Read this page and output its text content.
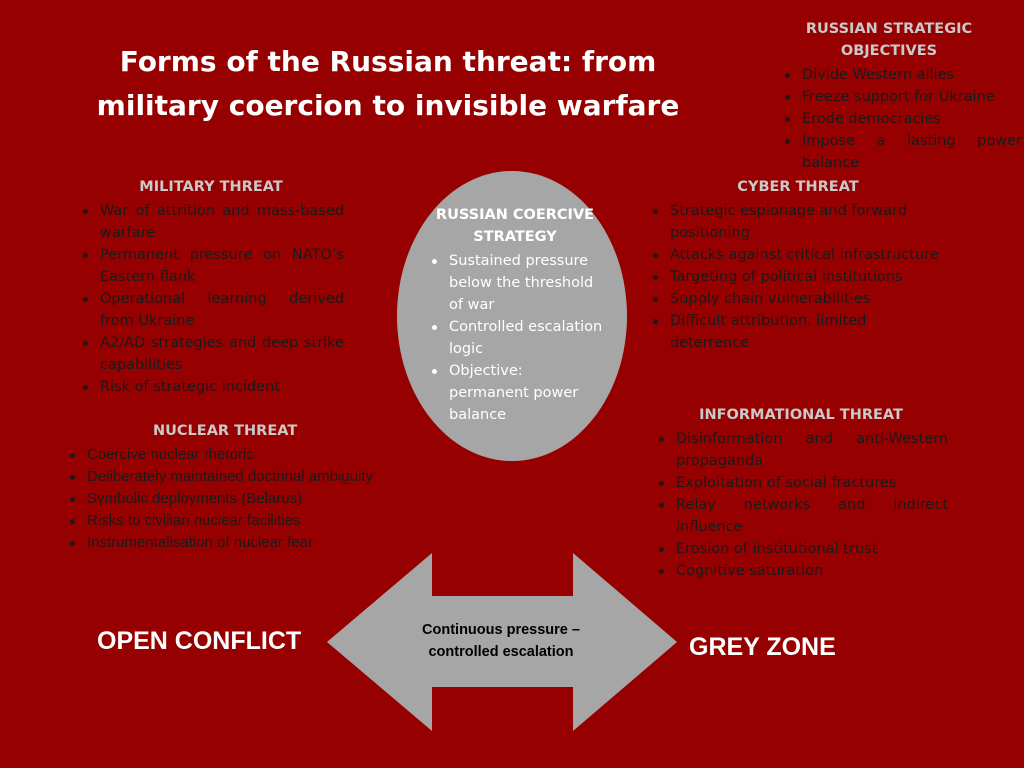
Forms of the Russian threat: from military coercion to invisible warfare
RUSSIAN STRATEGIC OBJECTIVES
Divide Western allies
Freeze support for Ukraine
Erode democracies
Impose a lasting power balance
MILITARY THREAT
War of attrition and mass-based warfare
Permanent pressure on NATO’s Eastern flank
Operational learning derived from Ukraine
A2/AD strategies and deep strike capabilities
Risk of strategic incident
NUCLEAR THREAT
Coercive nuclear rhetoric
Deliberately maintained doctrinal ambiguity
Symbolic deployments (Belarus)
Risks to civilian nuclear facilities
Instrumentalisation of nuclear fear
RUSSIAN COERCIVE STRATEGY
Sustained pressure below the threshold of war
Controlled escalation logic
Objective: permanent power balance
CYBER THREAT
Strategic espionage and forward positioning
Attacks against critical infrastructure
Targeting of political institutions
Supply chain vulnerabilities
Difficult attribution, limited deterrence
INFORMATIONAL THREAT
Disinformation and anti-Western propaganda
Exploitation of social fractures
Relay networks and indirect influence
Erosion of institutional trust
Cognitive saturation
Continuous pressure – controlled escalation
OPEN CONFLICT	GREY ZONE
